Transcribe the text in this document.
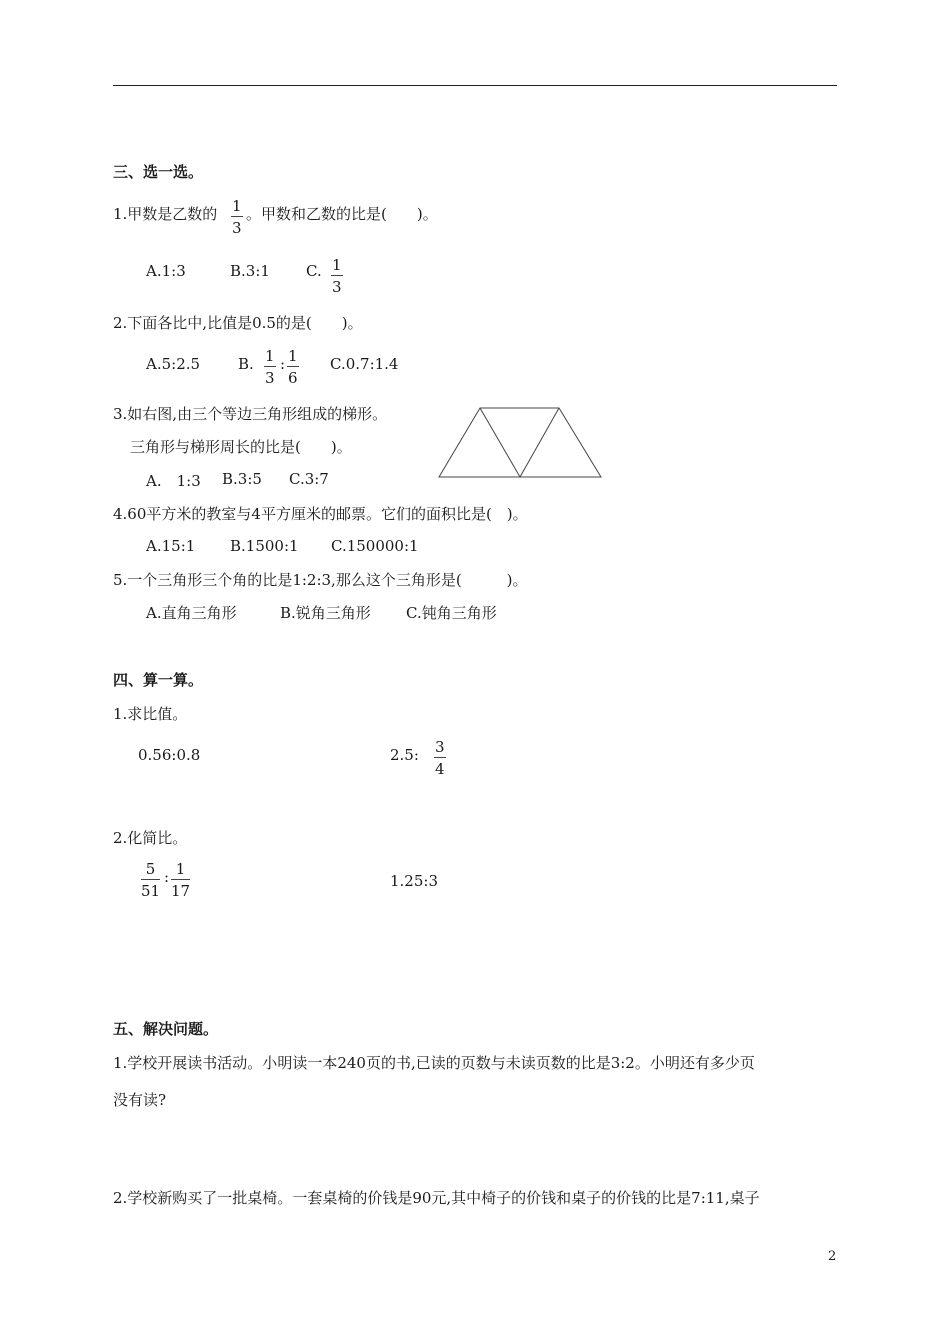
三、选一选。
1.甲数是乙数的 $\frac{1}{3}$ 。甲数和乙数的比是(　　)。
A.1:3	B.3:1 C. $\frac{1}{3}$
2.下面各比中,比值是0.5的是(　　)。
A.5:2.5	B. $\frac{1}{3}$ : $\frac{1}{6}$ C.0.7:1.4
3.如右图,由三个等边三角形组成的梯形。
三角形与梯形周长的比是(　　)。
A.　1:3 B.3:5 C.3:7
4.60平方米的教室与4平方厘米的邮票。它们的面积比是(　)。
A.15:1 B.1500:1 C.150000:1
5.一个三角形三个角的比是1:2:3,那么这个三角形是(　　　)。
A.直角三角形	B.锐角三角形 C.钝角三角形
四、算一算。
1.求比值。
0.56:0.8	2.5: $\frac{3}{4}$
2.化简比。
$\frac{5}{51}$ : $\frac{1}{17}$	1.25:3
五、解决问题。
1.学校开展读书活动。小明读一本240页的书,已读的页数与未读页数的比是3:2。小明还有多少页
没有读?
2.学校新购买了一批桌椅。一套桌椅的价钱是90元,其中椅子的价钱和桌子的价钱的比是7:11,桌子
2
